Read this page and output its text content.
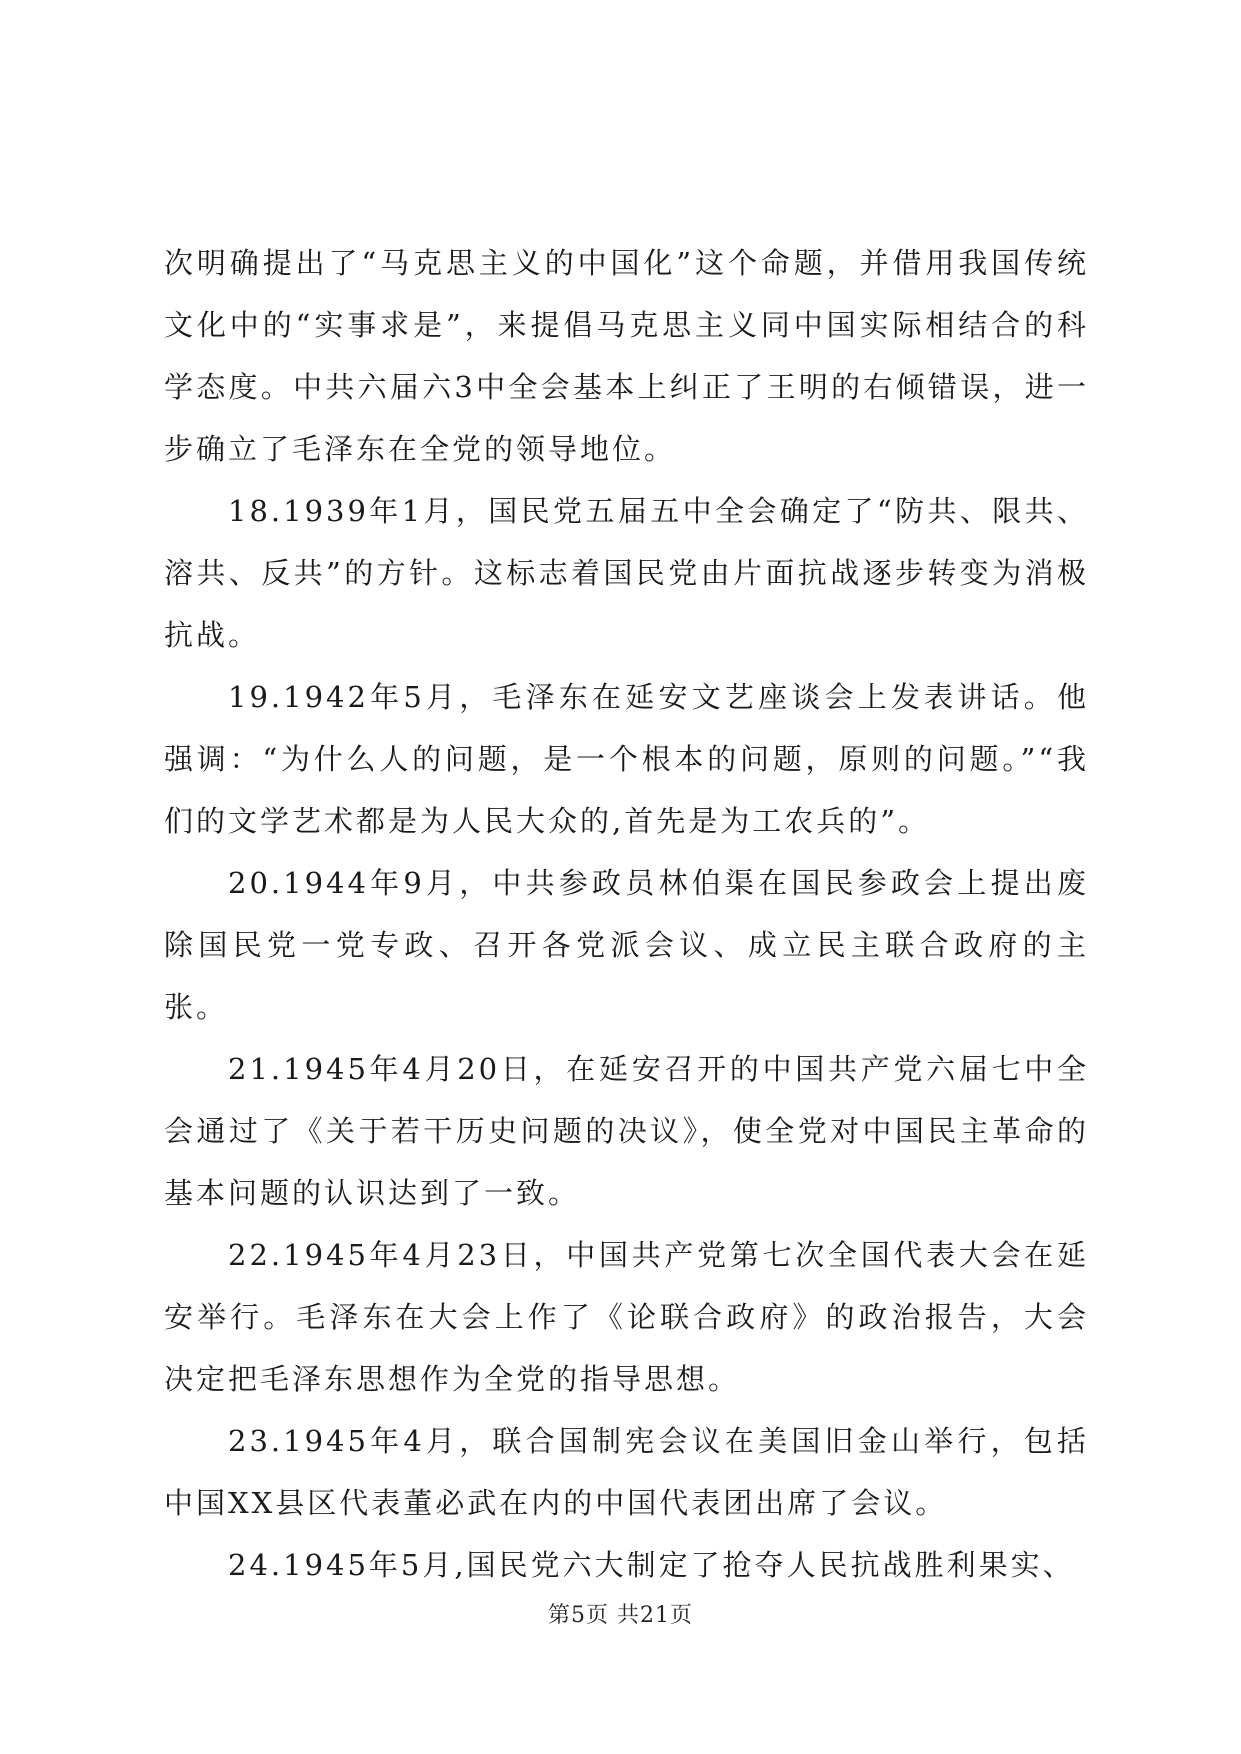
次明确提出了“马克思主义的中国化”这个命题，并借用我国传统文化中的“实事求是”，来提倡马克思主义同中国实际相结合的科学态度。中共六届六3中全会基本上纠正了王明的右倾错误，进一步确立了毛泽东在全党的领导地位。

18.1939年1月，国民党五届五中全会确定了“防共、限共、溶共、反共”的方针。这标志着国民党由片面抗战逐步转变为消极抗战。

19.1942年5月，毛泽东在延安文艺座谈会上发表讲话。他强调：“为什么人的问题，是一个根本的问题，原则的问题。”“我们的文学艺术都是为人民大众的,首先是为工农兵的”。

20.1944年9月，中共参政员林伯渠在国民参政会上提出废除国民党一党专政、召开各党派会议、成立民主联合政府的主张。

21.1945年4月20日，在延安召开的中国共产党六届七中全会通过了《关于若干历史问题的决议》，使全党对中国民主革命的基本问题的认识达到了一致。

22.1945年4月23日，中国共产党第七次全国代表大会在延安举行。毛泽东在大会上作了《论联合政府》的政治报告，大会决定把毛泽东思想作为全党的指导思想。

23.1945年4月，联合国制宪会议在美国旧金山举行，包括中国XX县区代表董必武在内的中国代表团出席了会议。

24.1945年5月,国民党六大制定了抢夺人民抗战胜利果实、

第5页 共21页
